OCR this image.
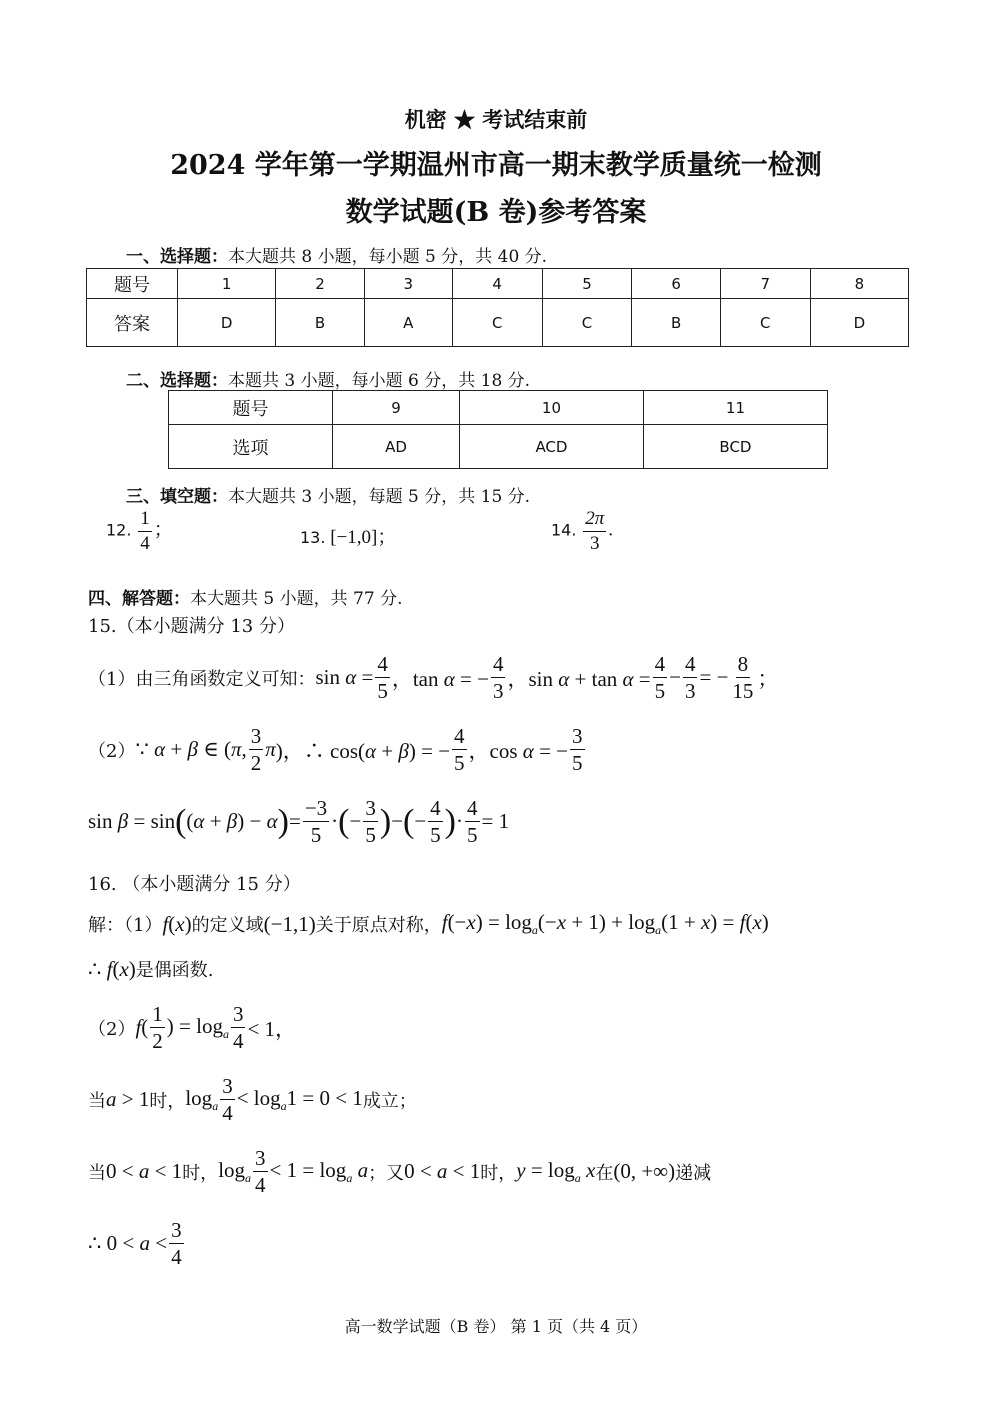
机密 ★ 考试结束前
2024 学年第一学期温州市高一期末教学质量统一检测
数学试题(B 卷)参考答案
一、选择题：本大题共 8 小题，每小题 5 分，共 40 分.
题号	1	2	3	4	5	6	7	8
答案	D	B	A	C	C	B	C	D
二、选择题：本题共 3 小题，每小题 6 分，共 18 分.
题号	9	10	11
选项	AD	ACD	BCD
三、填空题：本大题共 3 小题，每题 5 分，共 15 分.
12. $\frac{1}{4}$ ；	13. [−1,0]；	14. $\frac{2\pi}{3}$ .
四、解答题：本大题共 5 小题，共 77 分.
15.（本小题满分 13 分）
（1）由三角函数定义可知： $\sin \alpha = \frac{4}{5}$ ，tan α = − $\frac{4}{3}$ ，$\sin \alpha + \tan \alpha = \frac{4}{5} - \frac{4}{3}$ = − $\frac{8}{15}$ ；
（2） ∵ α + β ∈ (π, $\frac{3}{2}$ π )，∴ cos(α + β) = − $\frac{4}{5}$ ，cos α = − $\frac{3}{5}$
sin β = sin ( (α + β) − α ) = $\frac{-3}{5}$ · ( − $\frac{3}{5}$ ) − ( − $\frac{4}{5}$ ) · $\frac{4}{5} = 1$
16. （本小题满分 15 分）
解：（1） f(x) 的定义域 (−1,1) 关于原点对称， $f(-x) = \log_a(-x + 1) + \log_a(1 + x) = f(x)$
∴ f(x) 是偶函数.
（2） f ( $\frac{1}{2}$ ) = $\log_a \frac{3}{4} < 1$，
当 a > 1 时， $\log_a \frac{3}{4} < \log_a1 = 0 < 1$ 成立；
当 0 < a < 1 时， $\log_a \frac{3}{4} < 1 = \log_a a$ ；又 0 < a < 1 时， $y = \log_a x$ 在 (0, +∞) 递减
∴ $0 < a < \frac{3}{4}$
高一数学试题（B 卷） 第 1 页（共 4 页）
